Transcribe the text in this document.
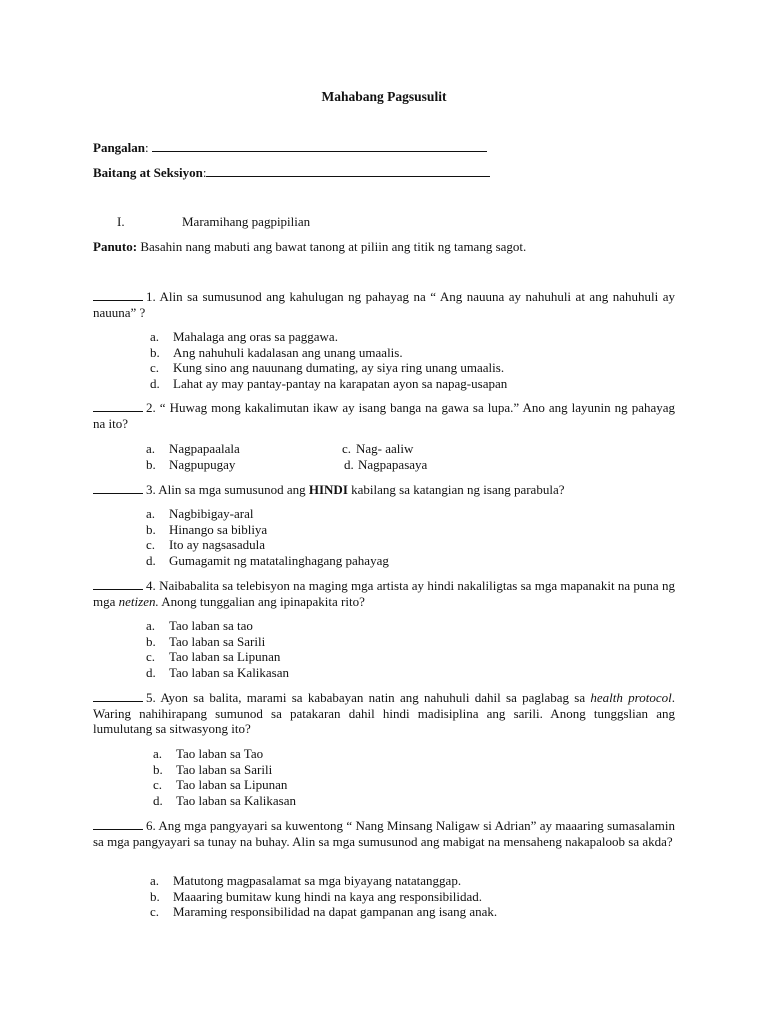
Mahabang Pagsusulit
Pangalan:
Baitang at Seksiyon:
I.	Maramihang pagpipilian
Panuto: Basahin nang mabuti ang bawat tanong at piliin ang titik ng tamang sagot.
1. Alin sa sumusunod ang kahulugan ng pahayag na “ Ang nauuna ay nahuhuli at ang nahuhuli ay nauuna” ?
a. Mahalaga ang oras sa paggawa.
b. Ang nahuhuli kadalasan ang unang umaalis.
c. Kung sino ang nauunang dumating, ay siya ring unang umaalis.
d. Lahat ay may pantay-pantay na karapatan ayon sa napag-usapan
2. “ Huwag mong kakalimutan ikaw ay isang banga na gawa sa lupa.” Ano ang layunin ng pahayag na ito?
a. Nagpapaalala	c. Nag- aaliw
b. Nagpupugay	d. Nagpapasaya
3. Alin sa mga sumusunod ang HINDI kabilang sa katangian ng isang parabula?
a. Nagbibigay-aral
b. Hinango sa bibliya
c. Ito ay nagsasadula
d. Gumagamit ng matatalinghagang pahayag
4. Naibabalita sa telebisyon na maging mga artista ay hindi nakaliligtas sa mga mapanakit na puna ng mga netizen. Anong tunggalian ang ipinapakita rito?
a. Tao laban sa tao
b. Tao laban sa Sarili
c. Tao laban sa Lipunan
d. Tao laban sa Kalikasan
5. Ayon sa balita, marami sa kababayan natin ang nahuhuli dahil sa paglabag sa health protocol. Waring nahihirapang sumunod sa patakaran dahil hindi madisiplina ang sarili. Anong tunggslian ang lumulutang sa sitwasyong ito?
a. Tao laban sa Tao
b. Tao laban sa Sarili
c. Tao laban sa Lipunan
d. Tao laban sa Kalikasan
6. Ang mga pangyayari sa kuwentong “ Nang Minsang Naligaw si Adrian” ay maaaring sumasalamin sa mga pangyayari sa tunay na buhay. Alin sa mga sumusunod ang mabigat na mensaheng nakapaloob sa akda?
a. Matutong magpasalamat sa mga biyayang natatanggap.
b. Maaaring bumitaw kung hindi na kaya ang responsibilidad.
c. Maraming responsibilidad na dapat gampanan ang isang anak.
